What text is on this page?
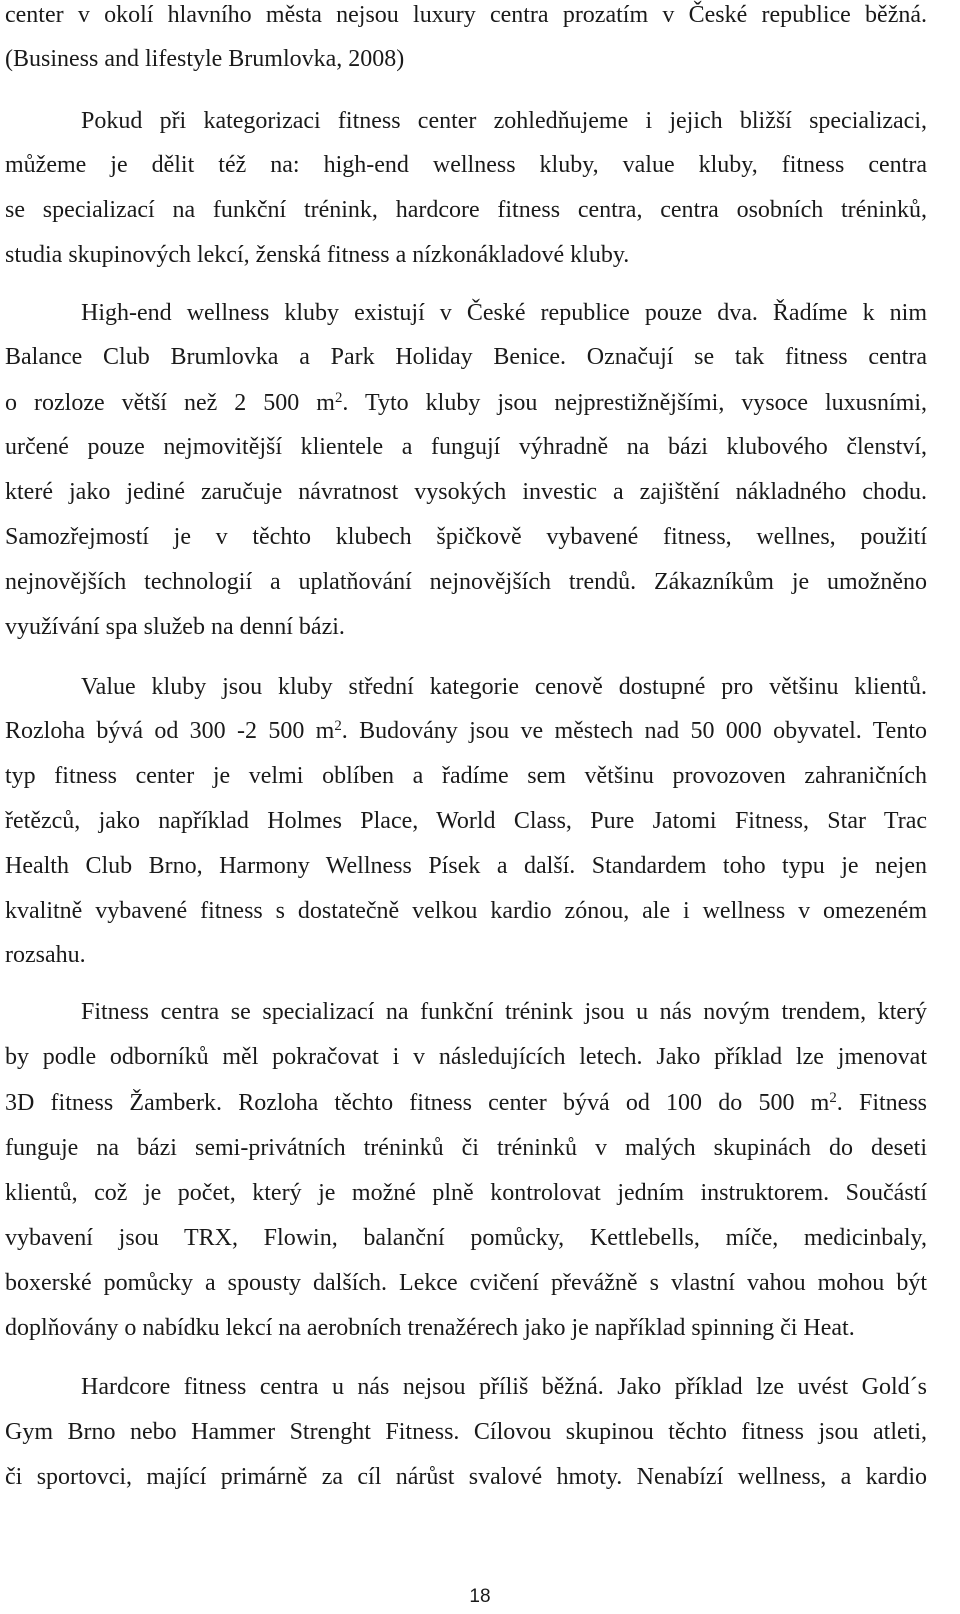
center v okolí hlavního města nejsou luxury centra prozatím v České republice běžná.
(Business and lifestyle Brumlovka, 2008)
Pokud při kategorizaci fitness center zohledňujeme i jejich bližší specializaci,
můžeme je dělit též na: high-end wellness kluby, value kluby, fitness centra
se specializací na funkční trénink, hardcore fitness centra, centra osobních tréninků,
studia skupinových lekcí, ženská fitness a nízkonákladové kluby.
High-end wellness kluby existují v České republice pouze dva. Řadíme k nim
Balance Club Brumlovka a Park Holiday Benice. Označují se tak fitness centra
o rozloze větší než 2 500 $m^2$. Tyto kluby jsou nejprestižnějšími, vysoce luxusními,
určené pouze nejmovitější klientele a fungují výhradně na bázi klubového členství,
které jako jediné zaručuje návratnost vysokých investic a zajištění nákladného chodu.
Samozřejmostí je v těchto klubech špičkově vybavené fitness, wellnes, použití
nejnovějších technologií a uplatňování nejnovějších trendů. Zákazníkům je umožněno
využívání spa služeb na denní bázi.
Value kluby jsou kluby střední kategorie cenově dostupné pro většinu klientů.
Rozloha bývá od 300 -2 500 $m^2$. Budovány jsou ve městech nad 50 000 obyvatel. Tento
typ fitness center je velmi oblíben a řadíme sem většinu provozoven zahraničních
řetězců, jako například Holmes Place, World Class, Pure Jatomi Fitness, Star Trac
Health Club Brno, Harmony Wellness Písek a další. Standardem toho typu je nejen
kvalitně vybavené fitness s dostatečně velkou kardio zónou, ale i wellness v omezeném
rozsahu.
Fitness centra se specializací na funkční trénink jsou u nás novým trendem, který
by podle odborníků měl pokračovat i v následujících letech. Jako příklad lze jmenovat
3D fitness Žamberk. Rozloha těchto fitness center bývá od 100 do 500 $m^2$. Fitness
funguje na bázi semi-privátních tréninků či tréninků v malých skupinách do deseti
klientů, což je počet, který je možné plně kontrolovat jedním instruktorem. Součástí
vybavení jsou TRX, Flowin, balanční pomůcky, Kettlebells, míče, medicinbaly,
boxerské pomůcky a spousty dalších. Lekce cvičení převážně s vlastní vahou mohou být
doplňovány o nabídku lekcí na aerobních trenažérech jako je například spinning či Heat.
Hardcore fitness centra u nás nejsou příliš běžná. Jako příklad lze uvést Gold´s
Gym Brno nebo Hammer Strenght Fitness. Cílovou skupinou těchto fitness jsou atleti,
či sportovci, mající primárně za cíl nárůst svalové hmoty. Nenabízí wellness, a kardio
18
